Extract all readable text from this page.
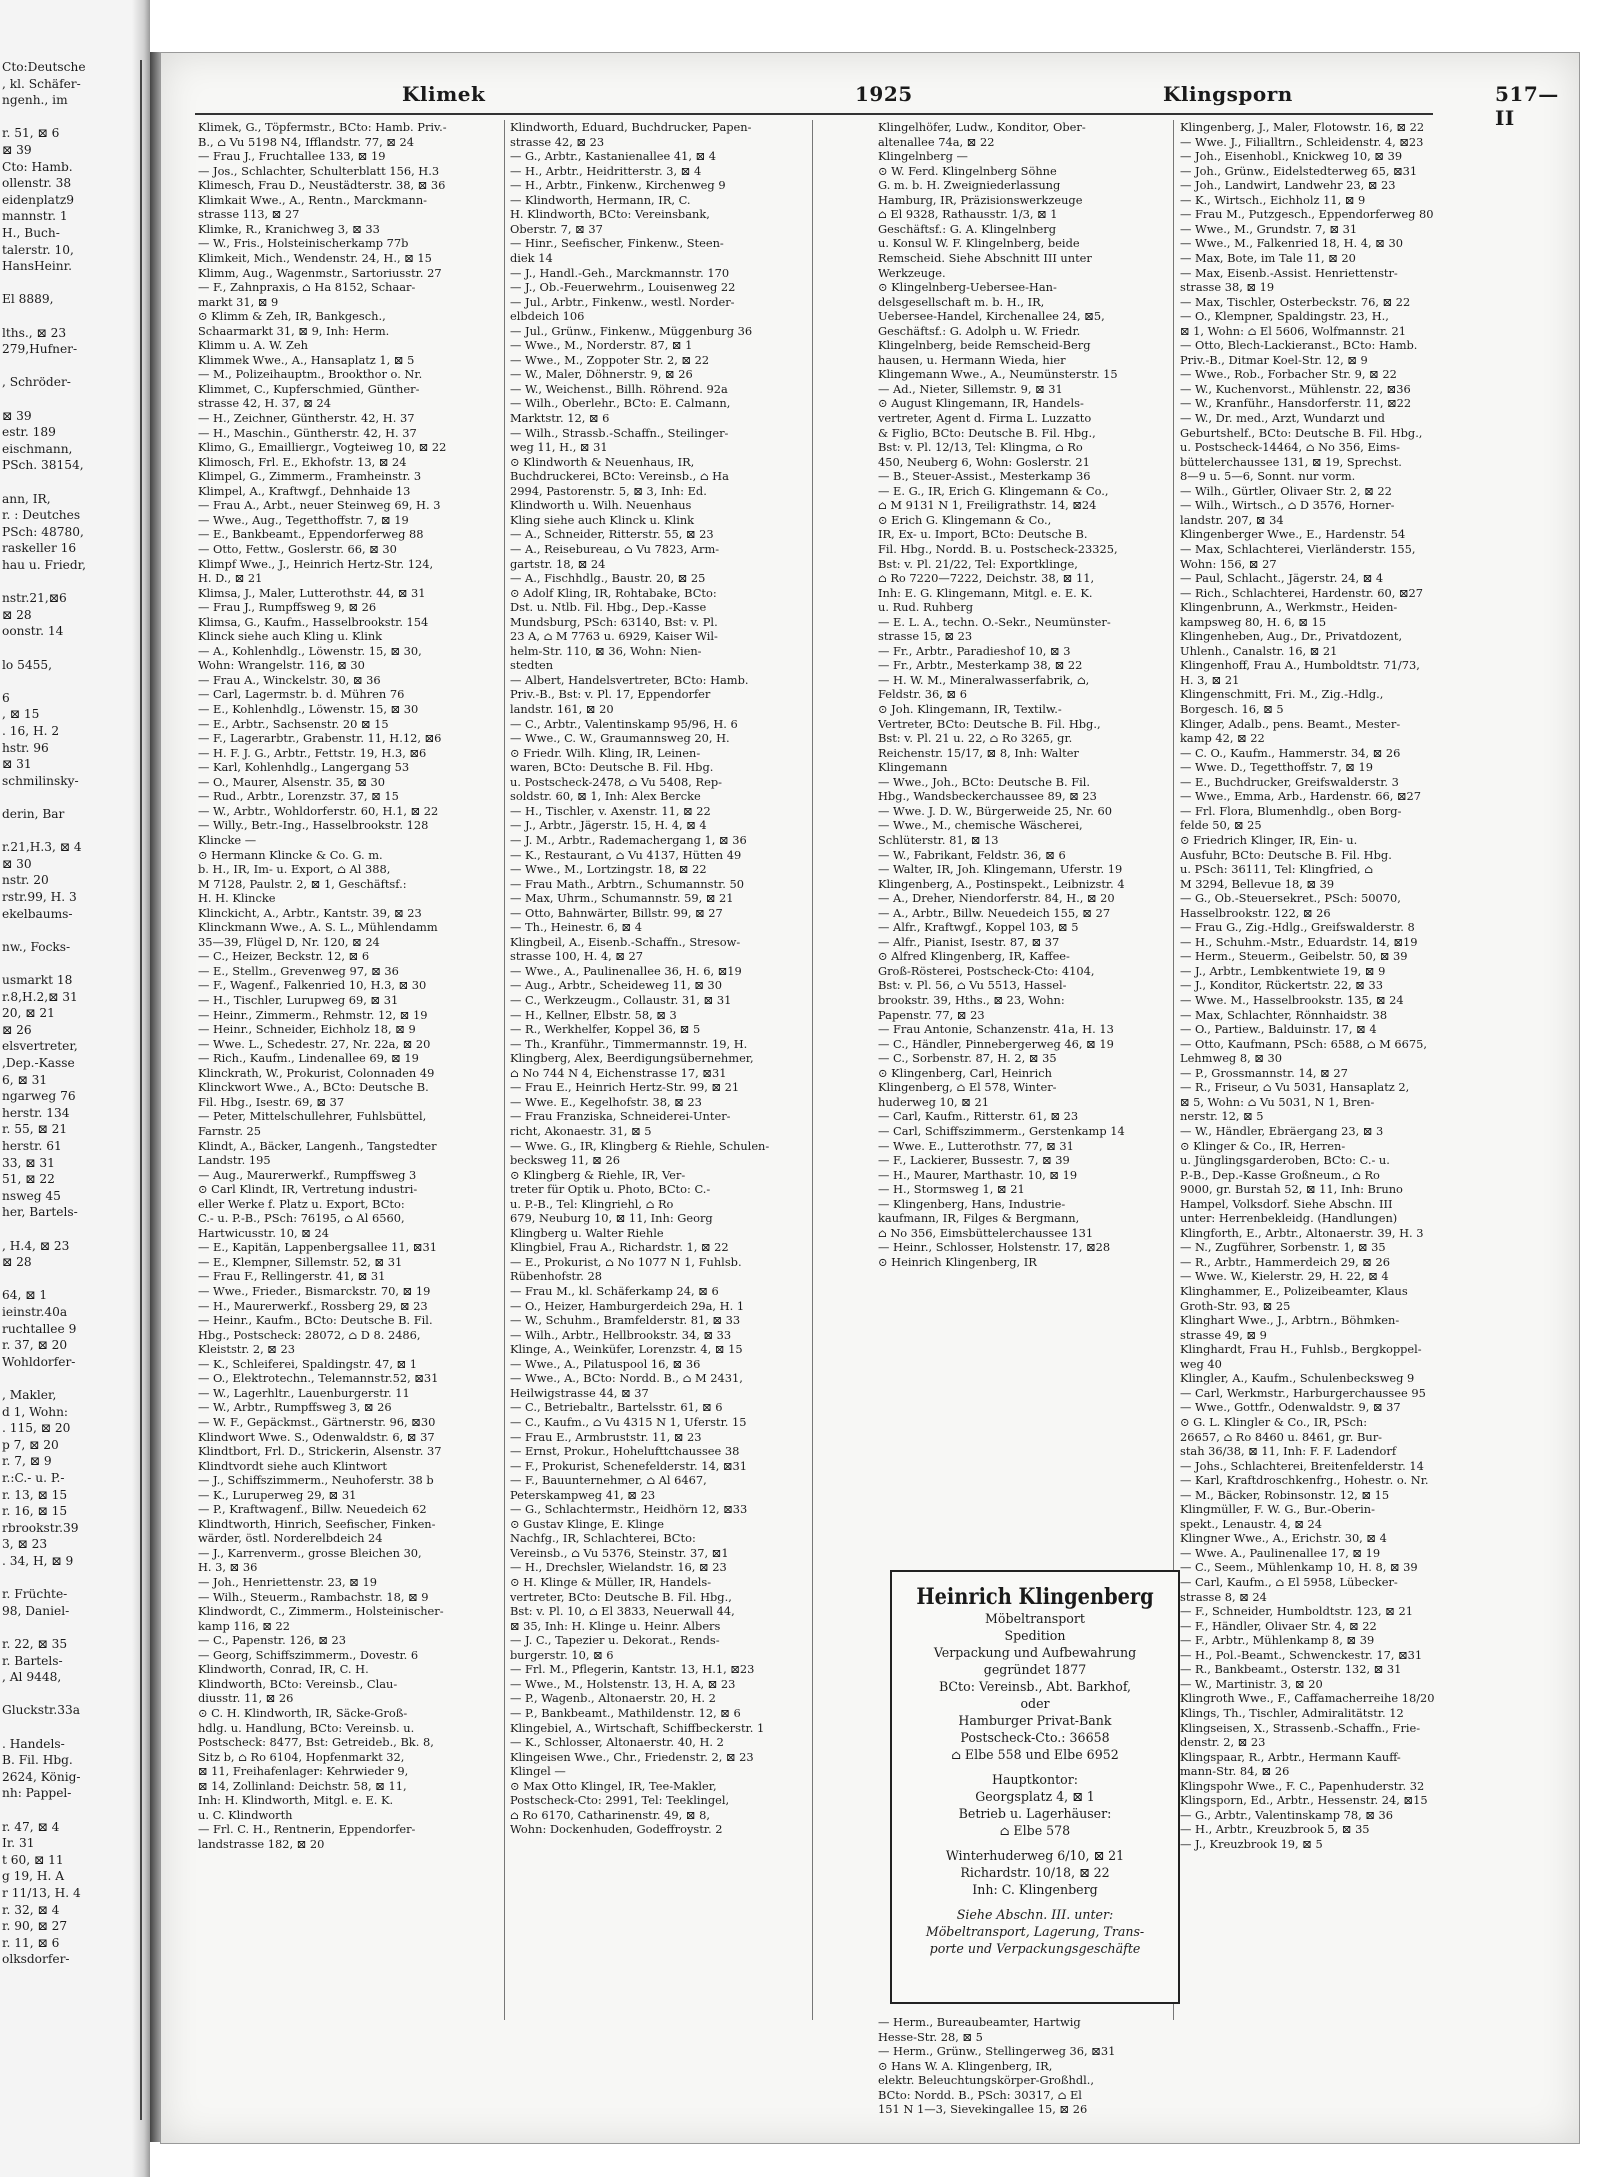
Cto:Deutsche
, kl. Schäfer-
ngenh., im
r. 51, ⊠ 6
⊠ 39
Cto: Hamb.
ollenstr. 38
eidenplatz9
mannstr. 1
H., Buch-
talerstr. 10,
HansHeinr.
El 8889,
lths., ⊠ 23
279,Hufner-
, Schröder-
⊠ 39
estr. 189
eischmann,
PSch. 38154,
ann, IR,
r. : Deutches
PSch: 48780,
raskeller 16
hau u. Friedr,
nstr.21,⊠6
⊠ 28
oonstr. 14
lo 5455,
6
, ⊠ 15
. 16, H. 2
hstr. 96
⊠ 31
schmilinsky-
derin, Bar
r.21,H.3, ⊠ 4
⊠ 30
nstr. 20
rstr.99, H. 3
ekelbaums-
nw., Focks-
usmarkt 18
r.8,H.2,⊠ 31
20, ⊠ 21
⊠ 26
elsvertreter,
,Dep.-Kasse
6, ⊠ 31
ngarweg 76
herstr. 134
r. 55, ⊠ 21
herstr. 61
33, ⊠ 31
51, ⊠ 22
nsweg 45
her, Bartels-
, H.4, ⊠ 23
⊠ 28
64, ⊠ 1
ieinstr.40a
ruchtallee 9
r. 37, ⊠ 20
Wohldorfer-
, Makler,
d 1, Wohn:
. 115, ⊠ 20
p 7, ⊠ 20
r. 7, ⊠ 9
r.:C.- u. P.-
r. 13, ⊠ 15
r. 16, ⊠ 15
rbrookstr.39
3, ⊠ 23
. 34, H, ⊠ 9
r. Früchte-
98, Daniel-
r. 22, ⊠ 35
r. Bartels-
, Al 9448,
Gluckstr.33a
. Handels-
B. Fil. Hbg.
2624, König-
nh: Pappel-
r. 47, ⊠ 4
Ir. 31
t 60, ⊠ 11
g 19, H. A
r 11/13, H. 4
r. 32, ⊠ 4
r. 90, ⊠ 27
r. 11, ⊠ 6
olksdorfer-
Klimek	1925	Klingsporn	517—II
Klimek, G., Töpfermstr., BCto: Hamb. Priv.-
B., ⌂ Vu 5198 N4, Ifflandstr. 77, ⊠ 24
— Frau J., Fruchtallee 133, ⊠ 19
— Jos., Schlachter, Schulterblatt 156, H.3
Klimesch, Frau D., Neustädterstr. 38, ⊠ 36
Klimkait Wwe., A., Rentn., Marckmann-
strasse 113, ⊠ 27
Klimke, R., Kranichweg 3, ⊠ 33
— W., Fris., Holsteinischerkamp 77b
Klimkeit, Mich., Wendenstr. 24, H., ⊠ 15
Klimm, Aug., Wagenmstr., Sartoriusstr. 27
— F., Zahnpraxis, ⌂ Ha 8152, Schaar-
markt 31, ⊠ 9
⊙ Klimm & Zeh, IR, Bankgesch.,
Schaarmarkt 31, ⊠ 9, Inh: Herm.
Klimm u. A. W. Zeh
Klimmek Wwe., A., Hansaplatz 1, ⊠ 5
— M., Polizeihauptm., Brookthor o. Nr.
Klimmet, C., Kupferschmied, Günther-
strasse 42, H. 37, ⊠ 24
— H., Zeichner, Güntherstr. 42, H. 37
— H., Maschin., Güntherstr. 42, H. 37
Klimo, G., Emailliergr., Vogteiweg 10, ⊠ 22
Klimosch, Frl. E., Ekhofstr. 13, ⊠ 24
Klimpel, G., Zimmerm., Framheinstr. 3
Klimpel, A., Kraftwgf., Dehnhaide 13
— Frau A., Arbt., neuer Steinweg 69, H. 3
— Wwe., Aug., Tegetthoffstr. 7, ⊠ 19
— E., Bankbeamt., Eppendorferweg 88
— Otto, Fettw., Goslerstr. 66, ⊠ 30
Klimpf Wwe., J., Heinrich Hertz-Str. 124,
H. D., ⊠ 21
Klimsa, J., Maler, Lutterothstr. 44, ⊠ 31
— Frau J., Rumpffsweg 9, ⊠ 26
Klimsa, G., Kaufm., Hasselbrookstr. 154
Klinck siehe auch Kling u. Klink
— A., Kohlenhdlg., Löwenstr. 15, ⊠ 30,
Wohn: Wrangelstr. 116, ⊠ 30
— Frau A., Winckelstr. 30, ⊠ 36
— Carl, Lagermstr. b. d. Mühren 76
— E., Kohlenhdlg., Löwenstr. 15, ⊠ 30
— E., Arbtr., Sachsenstr. 20 ⊠ 15
— F., Lagerarbtr., Grabenstr. 11, H.12, ⊠6
— H. F. J. G., Arbtr., Fettstr. 19, H.3, ⊠6
— Karl, Kohlenhdlg., Langergang 53
— O., Maurer, Alsenstr. 35, ⊠ 30
— Rud., Arbtr., Lorenzstr. 37, ⊠ 15
— W., Arbtr., Wohldorferstr. 60, H.1, ⊠ 22
— Willy., Betr.-Ing., Hasselbrookstr. 128
Klincke —
⊙ Hermann Klincke & Co. G. m.
b. H., IR, Im- u. Export, ⌂ Al 388,
M 7128, Paulstr. 2, ⊠ 1, Geschäftsf.:
H. H. Klincke
Klinckicht, A., Arbtr., Kantstr. 39, ⊠ 23
Klinckmann Wwe., A. S. L., Mühlendamm
35—39, Flügel D, Nr. 120, ⊠ 24
— C., Heizer, Beckstr. 12, ⊠ 6
— E., Stellm., Grevenweg 97, ⊠ 36
— F., Wagenf., Falkenried 10, H.3, ⊠ 30
— H., Tischler, Lurupweg 69, ⊠ 31
— Heinr., Zimmerm., Rehmstr. 12, ⊠ 19
— Heinr., Schneider, Eichholz 18, ⊠ 9
— Wwe. L., Schedestr. 27, Nr. 22a, ⊠ 20
— Rich., Kaufm., Lindenallee 69, ⊠ 19
Klinckrath, W., Prokurist, Colonnaden 49
Klinckwort Wwe., A., BCto: Deutsche B.
Fil. Hbg., Isestr. 69, ⊠ 37
— Peter, Mittelschullehrer, Fuhlsbüttel,
Farnstr. 25
Klindt, A., Bäcker, Langenh., Tangstedter
Landstr. 195
— Aug., Maurerwerkf., Rumpffsweg 3
⊙ Carl Klindt, IR, Vertretung industri-
eller Werke f. Platz u. Export, BCto:
C.- u. P.-B., PSch: 76195, ⌂ Al 6560,
Hartwicusstr. 10, ⊠ 24
— E., Kapitän, Lappenbergsallee 11, ⊠31
— E., Klempner, Sillemstr. 52, ⊠ 31
— Frau F., Rellingerstr. 41, ⊠ 31
— Wwe., Frieder., Bismarckstr. 70, ⊠ 19
— H., Maurerwerkf., Rossberg 29, ⊠ 23
— Heinr., Kaufm., BCto: Deutsche B. Fil.
Hbg., Postscheck: 28072, ⌂ D 8. 2486,
Kleiststr. 2, ⊠ 23
— K., Schleiferei, Spaldingstr. 47, ⊠ 1
— O., Elektrotechn., Telemannstr.52, ⊠31
— W., Lagerhltr., Lauenburgerstr. 11
— W., Arbtr., Rumpffsweg 3, ⊠ 26
— W. F., Gepäckmst., Gärtnerstr. 96, ⊠30
Klindwort Wwe. S., Odenwaldstr. 6, ⊠ 37
Klindtbort, Frl. D., Strickerin, Alsenstr. 37
Klindtvordt siehe auch Klintwort
— J., Schiffszimmerm., Neuhoferstr. 38 b
— K., Luruperweg 29, ⊠ 31
— P., Kraftwagenf., Billw. Neuedeich 62
Klindtworth, Hinrich, Seefischer, Finken-
wärder, östl. Norderelbdeich 24
— J., Karrenverm., grosse Bleichen 30,
H. 3, ⊠ 36
— Joh., Henriettenstr. 23, ⊠ 19
— Wilh., Steuerm., Rambachstr. 18, ⊠ 9
Klindwordt, C., Zimmerm., Holsteinischer-
kamp 116, ⊠ 22
— C., Papenstr. 126, ⊠ 23
— Georg, Schiffszimmerm., Dovestr. 6
Klindworth, Conrad, IR, C. H.
Klindworth, BCto: Vereinsb., Clau-
diusstr. 11, ⊠ 26
⊙ C. H. Klindworth, IR, Säcke-Groß-
hdlg. u. Handlung, BCto: Vereinsb. u.
Postscheck: 8477, Bst: Getreideb., Bk. 8,
Sitz b, ⌂ Ro 6104, Hopfenmarkt 32,
⊠ 11, Freihafenlager: Kehrwieder 9,
⊠ 14, Zollinland: Deichstr. 58, ⊠ 11,
Inh: H. Klindworth, Mitgl. e. E. K.
u. C. Klindworth
— Frl. C. H., Rentnerin, Eppendorfer-
landstrasse 182, ⊠ 20
Klindworth, Eduard, Buchdrucker, Papen-
strasse 42, ⊠ 23
— G., Arbtr., Kastanienallee 41, ⊠ 4
— H., Arbtr., Heidritterstr. 3, ⊠ 4
— H., Arbtr., Finkenw., Kirchenweg 9
— Klindworth, Hermann, IR, C.
H. Klindworth, BCto: Vereinsbank,
Oberstr. 7, ⊠ 37
— Hinr., Seefischer, Finkenw., Steen-
diek 14
— J., Handl.-Geh., Marckmannstr. 170
— J., Ob.-Feuerwehrm., Louisenweg 22
— Jul., Arbtr., Finkenw., westl. Norder-
elbdeich 106
— Jul., Grünw., Finkenw., Müggenburg 36
— Wwe., M., Norderstr. 87, ⊠ 1
— Wwe., M., Zoppoter Str. 2, ⊠ 22
— W., Maler, Döhnerstr. 9, ⊠ 26
— W., Weichenst., Billh. Röhrend. 92a
— Wilh., Oberlehr., BCto: E. Calmann,
Marktstr. 12, ⊠ 6
— Wilh., Strassb.-Schaffn., Steilinger-
weg 11, H., ⊠ 31
⊙ Klindworth & Neuenhaus, IR,
Buchdruckerei, BCto: Vereinsb., ⌂ Ha
2994, Pastorenstr. 5, ⊠ 3, Inh: Ed.
Klindworth u. Wilh. Neuenhaus
Kling siehe auch Klinck u. Klink
— A., Schneider, Ritterstr. 55, ⊠ 23
— A., Reisebureau, ⌂ Vu 7823, Arm-
gartstr. 18, ⊠ 24
— A., Fischhdlg., Baustr. 20, ⊠ 25
⊙ Adolf Kling, IR, Rohtabake, BCto:
Dst. u. Ntlb. Fil. Hbg., Dep.-Kasse
Mundsburg, PSch: 63140, Bst: v. Pl.
23 A, ⌂ M 7763 u. 6929, Kaiser Wil-
helm-Str. 110, ⊠ 36, Wohn: Nien-
stedten
— Albert, Handelsvertreter, BCto: Hamb.
Priv.-B., Bst: v. Pl. 17, Eppendorfer
landstr. 161, ⊠ 20
— C., Arbtr., Valentinskamp 95/96, H. 6
— Wwe., C. W., Graumannsweg 20, H.
⊙ Friedr. Wilh. Kling, IR, Leinen-
waren, BCto: Deutsche B. Fil. Hbg.
u. Postscheck-2478, ⌂ Vu 5408, Rep-
soldstr. 60, ⊠ 1, Inh: Alex Bercke
— H., Tischler, v. Axenstr. 11, ⊠ 22
— J., Arbtr., Jägerstr. 15, H. 4, ⊠ 4
— J. M., Arbtr., Rademachergang 1, ⊠ 36
— K., Restaurant, ⌂ Vu 4137, Hütten 49
— Wwe., M., Lortzingstr. 18, ⊠ 22
— Frau Math., Arbtrn., Schumannstr. 50
— Max, Uhrm., Schumannstr. 59, ⊠ 21
— Otto, Bahnwärter, Billstr. 99, ⊠ 27
— Th., Heinestr. 6, ⊠ 4
Klingbeil, A., Eisenb.-Schaffn., Stresow-
strasse 100, H. 4, ⊠ 27
— Wwe., A., Paulinenallee 36, H. 6, ⊠19
— Aug., Arbtr., Scheideweg 11, ⊠ 30
— C., Werkzeugm., Collaustr. 31, ⊠ 31
— H., Kellner, Elbstr. 58, ⊠ 3
— R., Werkhelfer, Koppel 36, ⊠ 5
— Th., Kranführ., Timmermannstr. 19, H.
Klingberg, Alex, Beerdigungsübernehmer,
⌂ No 744 N 4, Eichenstrasse 17, ⊠31
— Frau E., Heinrich Hertz-Str. 99, ⊠ 21
— Wwe. E., Kegelhofstr. 38, ⊠ 23
— Frau Franziska, Schneiderei-Unter-
richt, Akonaestr. 31, ⊠ 5
— Wwe. G., IR, Klingberg & Riehle, Schulen-
becksweg 11, ⊠ 26
⊙ Klingberg & Riehle, IR, Ver-
treter für Optik u. Photo, BCto: C.-
u. P.-B., Tel: Klingriehl, ⌂ Ro
679, Neuburg 10, ⊠ 11, Inh: Georg
Klingberg u. Walter Riehle
Klingbiel, Frau A., Richardstr. 1, ⊠ 22
— E., Prokurist, ⌂ No 1077 N 1, Fuhlsb.
Rübenhofstr. 28
— Frau M., kl. Schäferkamp 24, ⊠ 6
— O., Heizer, Hamburgerdeich 29a, H. 1
— W., Schuhm., Bramfelderstr. 81, ⊠ 33
— Wilh., Arbtr., Hellbrookstr. 34, ⊠ 33
Klinge, A., Weinküfer, Lorenzstr. 4, ⊠ 15
— Wwe., A., Pilatuspool 16, ⊠ 36
— Wwe., A., BCto: Nordd. B., ⌂ M 2431,
Heilwigstrasse 44, ⊠ 37
— C., Betriebaltr., Bartelsstr. 61, ⊠ 6
— C., Kaufm., ⌂ Vu 4315 N 1, Uferstr. 15
— Frau E., Armbruststr. 11, ⊠ 23
— Ernst, Prokur., Hohelufttchaussee 38
— F., Prokurist, Schenefelderstr. 14, ⊠31
— F., Bauunternehmer, ⌂ Al 6467,
Peterskampweg 41, ⊠ 23
— G., Schlachtermstr., Heidhörn 12, ⊠33
⊙ Gustav Klinge, E. Klinge
Nachfg., IR, Schlachterei, BCto:
Vereinsb., ⌂ Vu 5376, Steinstr. 37, ⊠1
— H., Drechsler, Wielandstr. 16, ⊠ 23
⊙ H. Klinge & Müller, IR, Handels-
vertreter, BCto: Deutsche B. Fil. Hbg.,
Bst: v. Pl. 10, ⌂ El 3833, Neuerwall 44,
⊠ 35, Inh: H. Klinge u. Heinr. Albers
— J. C., Tapezier u. Dekorat., Rends-
burgerstr. 10, ⊠ 6
— Frl. M., Pflegerin, Kantstr. 13, H.1, ⊠23
— Wwe., M., Holstenstr. 13, H. A, ⊠ 23
— P., Wagenb., Altonaerstr. 20, H. 2
— P., Bankbeamt., Mathildenstr. 12, ⊠ 6
Klingebiel, A., Wirtschaft, Schiffbeckerstr. 1
— K., Schlosser, Altonaerstr. 40, H. 2
Klingeisen Wwe., Chr., Friedenstr. 2, ⊠ 23
Klingel —
⊙ Max Otto Klingel, IR, Tee-Makler,
Postscheck-Cto: 2991, Tel: Teeklingel,
⌂ Ro 6170, Catharinenstr. 49, ⊠ 8,
Wohn: Dockenhuden, Godeffroystr. 2
Klingelhöfer, Ludw., Konditor, Ober-
altenallee 74a, ⊠ 22
Klingelnberg —
⊙ W. Ferd. Klingelnberg Söhne
G. m. b. H. Zweigniederlassung
Hamburg, IR, Präzisionswerkzeuge
⌂ El 9328, Rathausstr. 1/3, ⊠ 1
Geschäftsf.: G. A. Klingelnberg
u. Konsul W. F. Klingelnberg, beide
Remscheid. Siehe Abschnitt III unter
Werkzeuge.
⊙ Klingelnberg-Uebersee-Han-
delsgesellschaft m. b. H., IR,
Uebersee-Handel, Kirchenallee 24, ⊠5,
Geschäftsf.: G. Adolph u. W. Friedr.
Klingelnberg, beide Remscheid-Berg
hausen, u. Hermann Wieda, hier
Klingemann Wwe., A., Neumünsterstr. 15
— Ad., Nieter, Sillemstr. 9, ⊠ 31
⊙ August Klingemann, IR, Handels-
vertreter, Agent d. Firma L. Luzzatto
& Figlio, BCto: Deutsche B. Fil. Hbg.,
Bst: v. Pl. 12/13, Tel: Klingma, ⌂ Ro
450, Neuberg 6, Wohn: Goslerstr. 21
— B., Steuer-Assist., Mesterkamp 36
— E. G., IR, Erich G. Klingemann & Co.,
⌂ M 9131 N 1, Freiligrathstr. 14, ⊠24
⊙ Erich G. Klingemann & Co.,
IR, Ex- u. Import, BCto: Deutsche B.
Fil. Hbg., Nordd. B. u. Postscheck-23325,
Bst: v. Pl. 21/22, Tel: Exportklinge,
⌂ Ro 7220—7222, Deichstr. 38, ⊠ 11,
Inh: E. G. Klingemann, Mitgl. e. E. K.
u. Rud. Ruhberg
— E. L. A., techn. O.-Sekr., Neumünster-
strasse 15, ⊠ 23
— Fr., Arbtr., Paradieshof 10, ⊠ 3
— Fr., Arbtr., Mesterkamp 38, ⊠ 22
— H. W. M., Mineralwasserfabrik, ⌂,
Feldstr. 36, ⊠ 6
⊙ Joh. Klingemann, IR, Textilw.-
Vertreter, BCto: Deutsche B. Fil. Hbg.,
Bst: v. Pl. 21 u. 22, ⌂ Ro 3265, gr.
Reichenstr. 15/17, ⊠ 8, Inh: Walter
Klingemann
— Wwe., Joh., BCto: Deutsche B. Fil.
Hbg., Wandsbeckerchaussee 89, ⊠ 23
— Wwe. J. D. W., Bürgerweide 25, Nr. 60
— Wwe., M., chemische Wäscherei,
Schlüterstr. 81, ⊠ 13
— W., Fabrikant, Feldstr. 36, ⊠ 6
— Walter, IR, Joh. Klingemann, Uferstr. 19
Klingenberg, A., Postinspekt., Leibnizstr. 4
— A., Dreher, Niendorferstr. 84, H., ⊠ 20
— A., Arbtr., Billw. Neuedeich 155, ⊠ 27
— Alfr., Kraftwgf., Koppel 103, ⊠ 5
— Alfr., Pianist, Isestr. 87, ⊠ 37
⊙ Alfred Klingenberg, IR, Kaffee-
Groß-Rösterei, Postscheck-Cto: 4104,
Bst: v. Pl. 56, ⌂ Vu 5513, Hassel-
brookstr. 39, Hths., ⊠ 23, Wohn:
Papenstr. 77, ⊠ 23
— Frau Antonie, Schanzenstr. 41a, H. 13
— C., Händler, Pinnebergerweg 46, ⊠ 19
— C., Sorbenstr. 87, H. 2, ⊠ 35
⊙ Klingenberg, Carl, Heinrich
Klingenberg, ⌂ El 578, Winter-
huderweg 10, ⊠ 21
— Carl, Kaufm., Ritterstr. 61, ⊠ 23
— Carl, Schiffszimmerm., Gerstenkamp 14
— Wwe. E., Lutterothstr. 77, ⊠ 31
— F., Lackierer, Bussestr. 7, ⊠ 39
— H., Maurer, Marthastr. 10, ⊠ 19
— H., Stormsweg 1, ⊠ 21
— Klingenberg, Hans, Industrie-
kaufmann, IR, Filges & Bergmann,
⌂ No 356, Eimsbüttelerchaussee 131
— Heinr., Schlosser, Holstenstr. 17, ⊠28
⊙ Heinrich Klingenberg, IR
— Herm., Bureaubeamter, Hartwig
Hesse-Str. 28, ⊠ 5
— Herm., Grünw., Stellingerweg 36, ⊠31
⊙ Hans W. A. Klingenberg, IR,
elektr. Beleuchtungskörper-Großhdl.,
BCto: Nordd. B., PSch: 30317, ⌂ El
151 N 1—3, Sievekingallee 15, ⊠ 26
Klingenberg, J., Maler, Flotowstr. 16, ⊠ 22
— Wwe. J., Filialltrn., Schleidenstr. 4, ⊠23
— Joh., Eisenhobl., Knickweg 10, ⊠ 39
— Joh., Grünw., Eidelstedterweg 65, ⊠31
— Joh., Landwirt, Landwehr 23, ⊠ 23
— K., Wirtsch., Eichholz 11, ⊠ 9
— Frau M., Putzgesch., Eppendorferweg 80
— Wwe., M., Grundstr. 7, ⊠ 31
— Wwe., M., Falkenried 18, H. 4, ⊠ 30
— Max, Bote, im Tale 11, ⊠ 20
— Max, Eisenb.-Assist. Henriettenstr-
strasse 38, ⊠ 19
— Max, Tischler, Osterbeckstr. 76, ⊠ 22
— O., Klempner, Spaldingstr. 23, H.,
⊠ 1, Wohn: ⌂ El 5606, Wolfmannstr. 21
— Otto, Blech-Lackieranst., BCto: Hamb.
Priv.-B., Ditmar Koel-Str. 12, ⊠ 9
— Wwe., Rob., Forbacher Str. 9, ⊠ 22
— W., Kuchenvorst., Mühlenstr. 22, ⊠36
— W., Kranführ., Hansdorferstr. 11, ⊠22
— W., Dr. med., Arzt, Wundarzt und
Geburtshelf., BCto: Deutsche B. Fil. Hbg.,
u. Postscheck-14464, ⌂ No 356, Eims-
büttelerchaussee 131, ⊠ 19, Sprechst.
8—9 u. 5—6, Sonnt. nur vorm.
— Wilh., Gürtler, Olivaer Str. 2, ⊠ 22
— Wilh., Wirtsch., ⌂ D 3576, Horner-
landstr. 207, ⊠ 34
Klingenberger Wwe., E., Hardenstr. 54
— Max, Schlachterei, Vierländerstr. 155,
Wohn: 156, ⊠ 27
— Paul, Schlacht., Jägerstr. 24, ⊠ 4
— Rich., Schlachterei, Hardenstr. 60, ⊠27
Klingenbrunn, A., Werkmstr., Heiden-
kampsweg 80, H. 6, ⊠ 15
Klingenheben, Aug., Dr., Privatdozent,
Uhlenh., Canalstr. 16, ⊠ 21
Klingenhoff, Frau A., Humboldtstr. 71/73,
H. 3, ⊠ 21
Klingenschmitt, Fri. M., Zig.-Hdlg.,
Borgesch. 16, ⊠ 5
Klinger, Adalb., pens. Beamt., Mester-
kamp 42, ⊠ 22
— C. O., Kaufm., Hammerstr. 34, ⊠ 26
— Wwe. D., Tegetthoffstr. 7, ⊠ 19
— E., Buchdrucker, Greifswalderstr. 3
— Wwe., Emma, Arb., Hardenstr. 66, ⊠27
— Frl. Flora, Blumenhdlg., oben Borg-
felde 50, ⊠ 25
⊙ Friedrich Klinger, IR, Ein- u.
Ausfuhr, BCto: Deutsche B. Fil. Hbg.
u. PSch: 36111, Tel: Klingfried, ⌂
M 3294, Bellevue 18, ⊠ 39
— G., Ob.-Steuersekret., PSch: 50070,
Hasselbrookstr. 122, ⊠ 26
— Frau G., Zig.-Hdlg., Greifswalderstr. 8
— H., Schuhm.-Mstr., Eduardstr. 14, ⊠19
— Herm., Steuerm., Geibelstr. 50, ⊠ 39
— J., Arbtr., Lembkentwiete 19, ⊠ 9
— J., Konditor, Rückertstr. 22, ⊠ 33
— Wwe. M., Hasselbrookstr. 135, ⊠ 24
— Max, Schlachter, Rönnhaidstr. 38
— O., Partiew., Balduinstr. 17, ⊠ 4
— Otto, Kaufmann, PSch: 6588, ⌂ M 6675,
Lehmweg 8, ⊠ 30
— P., Grossmannstr. 14, ⊠ 27
— R., Friseur, ⌂ Vu 5031, Hansaplatz 2,
⊠ 5, Wohn: ⌂ Vu 5031, N 1, Bren-
nerstr. 12, ⊠ 5
— W., Händler, Ebräergang 23, ⊠ 3
⊙ Klinger & Co., IR, Herren-
u. Jünglingsgarderoben, BCto: C.- u.
P.-B., Dep.-Kasse Großneum., ⌂ Ro
9000, gr. Burstah 52, ⊠ 11, Inh: Bruno
Hampel, Volksdorf. Siehe Abschn. III
unter: Herrenbekleidg. (Handlungen)
Klingforth, E., Arbtr., Altonaerstr. 39, H. 3
— N., Zugführer, Sorbenstr. 1, ⊠ 35
— R., Arbtr., Hammerdeich 29, ⊠ 26
— Wwe. W., Kielerstr. 29, H. 22, ⊠ 4
Klinghammer, E., Polizeibeamter, Klaus
Groth-Str. 93, ⊠ 25
Klinghart Wwe., J., Arbtrn., Böhmken-
strasse 49, ⊠ 9
Klinghardt, Frau H., Fuhlsb., Bergkoppel-
weg 40
Klingler, A., Kaufm., Schulenbecksweg 9
— Carl, Werkmstr., Harburgerchaussee 95
— Wwe., Gottfr., Odenwaldstr. 9, ⊠ 37
⊙ G. L. Klingler & Co., IR, PSch:
26657, ⌂ Ro 8460 u. 8461, gr. Bur-
stah 36/38, ⊠ 11, Inh: F. F. Ladendorf
— Johs., Schlachterei, Breitenfelderstr. 14
— Karl, Kraftdroschkenfrg., Hohestr. o. Nr.
— M., Bäcker, Robinsonstr. 12, ⊠ 15
Klingmüller, F. W. G., Bur.-Oberin-
spekt., Lenaustr. 4, ⊠ 24
Klingner Wwe., A., Erichstr. 30, ⊠ 4
— Wwe. A., Paulinenallee 17, ⊠ 19
— C., Seem., Mühlenkamp 10, H. 8, ⊠ 39
— Carl, Kaufm., ⌂ El 5958, Lübecker-
strasse 8, ⊠ 24
— F., Schneider, Humboldtstr. 123, ⊠ 21
— F., Händler, Olivaer Str. 4, ⊠ 22
— F., Arbtr., Mühlenkamp 8, ⊠ 39
— H., Pol.-Beamt., Schwenckestr. 17, ⊠31
— R., Bankbeamt., Osterstr. 132, ⊠ 31
— W., Martinistr. 3, ⊠ 20
Klingroth Wwe., F., Caffamacherreihe 18/20
Klings, Th., Tischler, Admiralitätstr. 12
Klingseisen, X., Strassenb.-Schaffn., Frie-
denstr. 2, ⊠ 23
Klingspaar, R., Arbtr., Hermann Kauff-
mann-Str. 84, ⊠ 26
Klingspohr Wwe., F. C., Papenhuderstr. 32
Klingsporn, Ed., Arbtr., Hessenstr. 24, ⊠15
— G., Arbtr., Valentinskamp 78, ⊠ 36
— H., Arbtr., Kreuzbrook 5, ⊠ 35
— J., Kreuzbrook 19, ⊠ 5
Heinrich Klingenberg
Möbeltransport
Spedition
Verpackung und Aufbewahrung
gegründet 1877
BCto: Vereinsb., Abt. Barkhof,
oder
Hamburger Privat-Bank
Postscheck-Cto.: 36658
⌂ Elbe 558 und Elbe 6952
Hauptkontor:
Georgsplatz 4, ⊠ 1
Betrieb u. Lagerhäuser:
⌂ Elbe 578
Winterhuderweg 6/10, ⊠ 21
Richardstr. 10/18, ⊠ 22
Inh: C. Klingenberg
Siehe Abschn. III. unter:
Möbeltransport, Lagerung, Trans-
porte und Verpackungsgeschäfte
